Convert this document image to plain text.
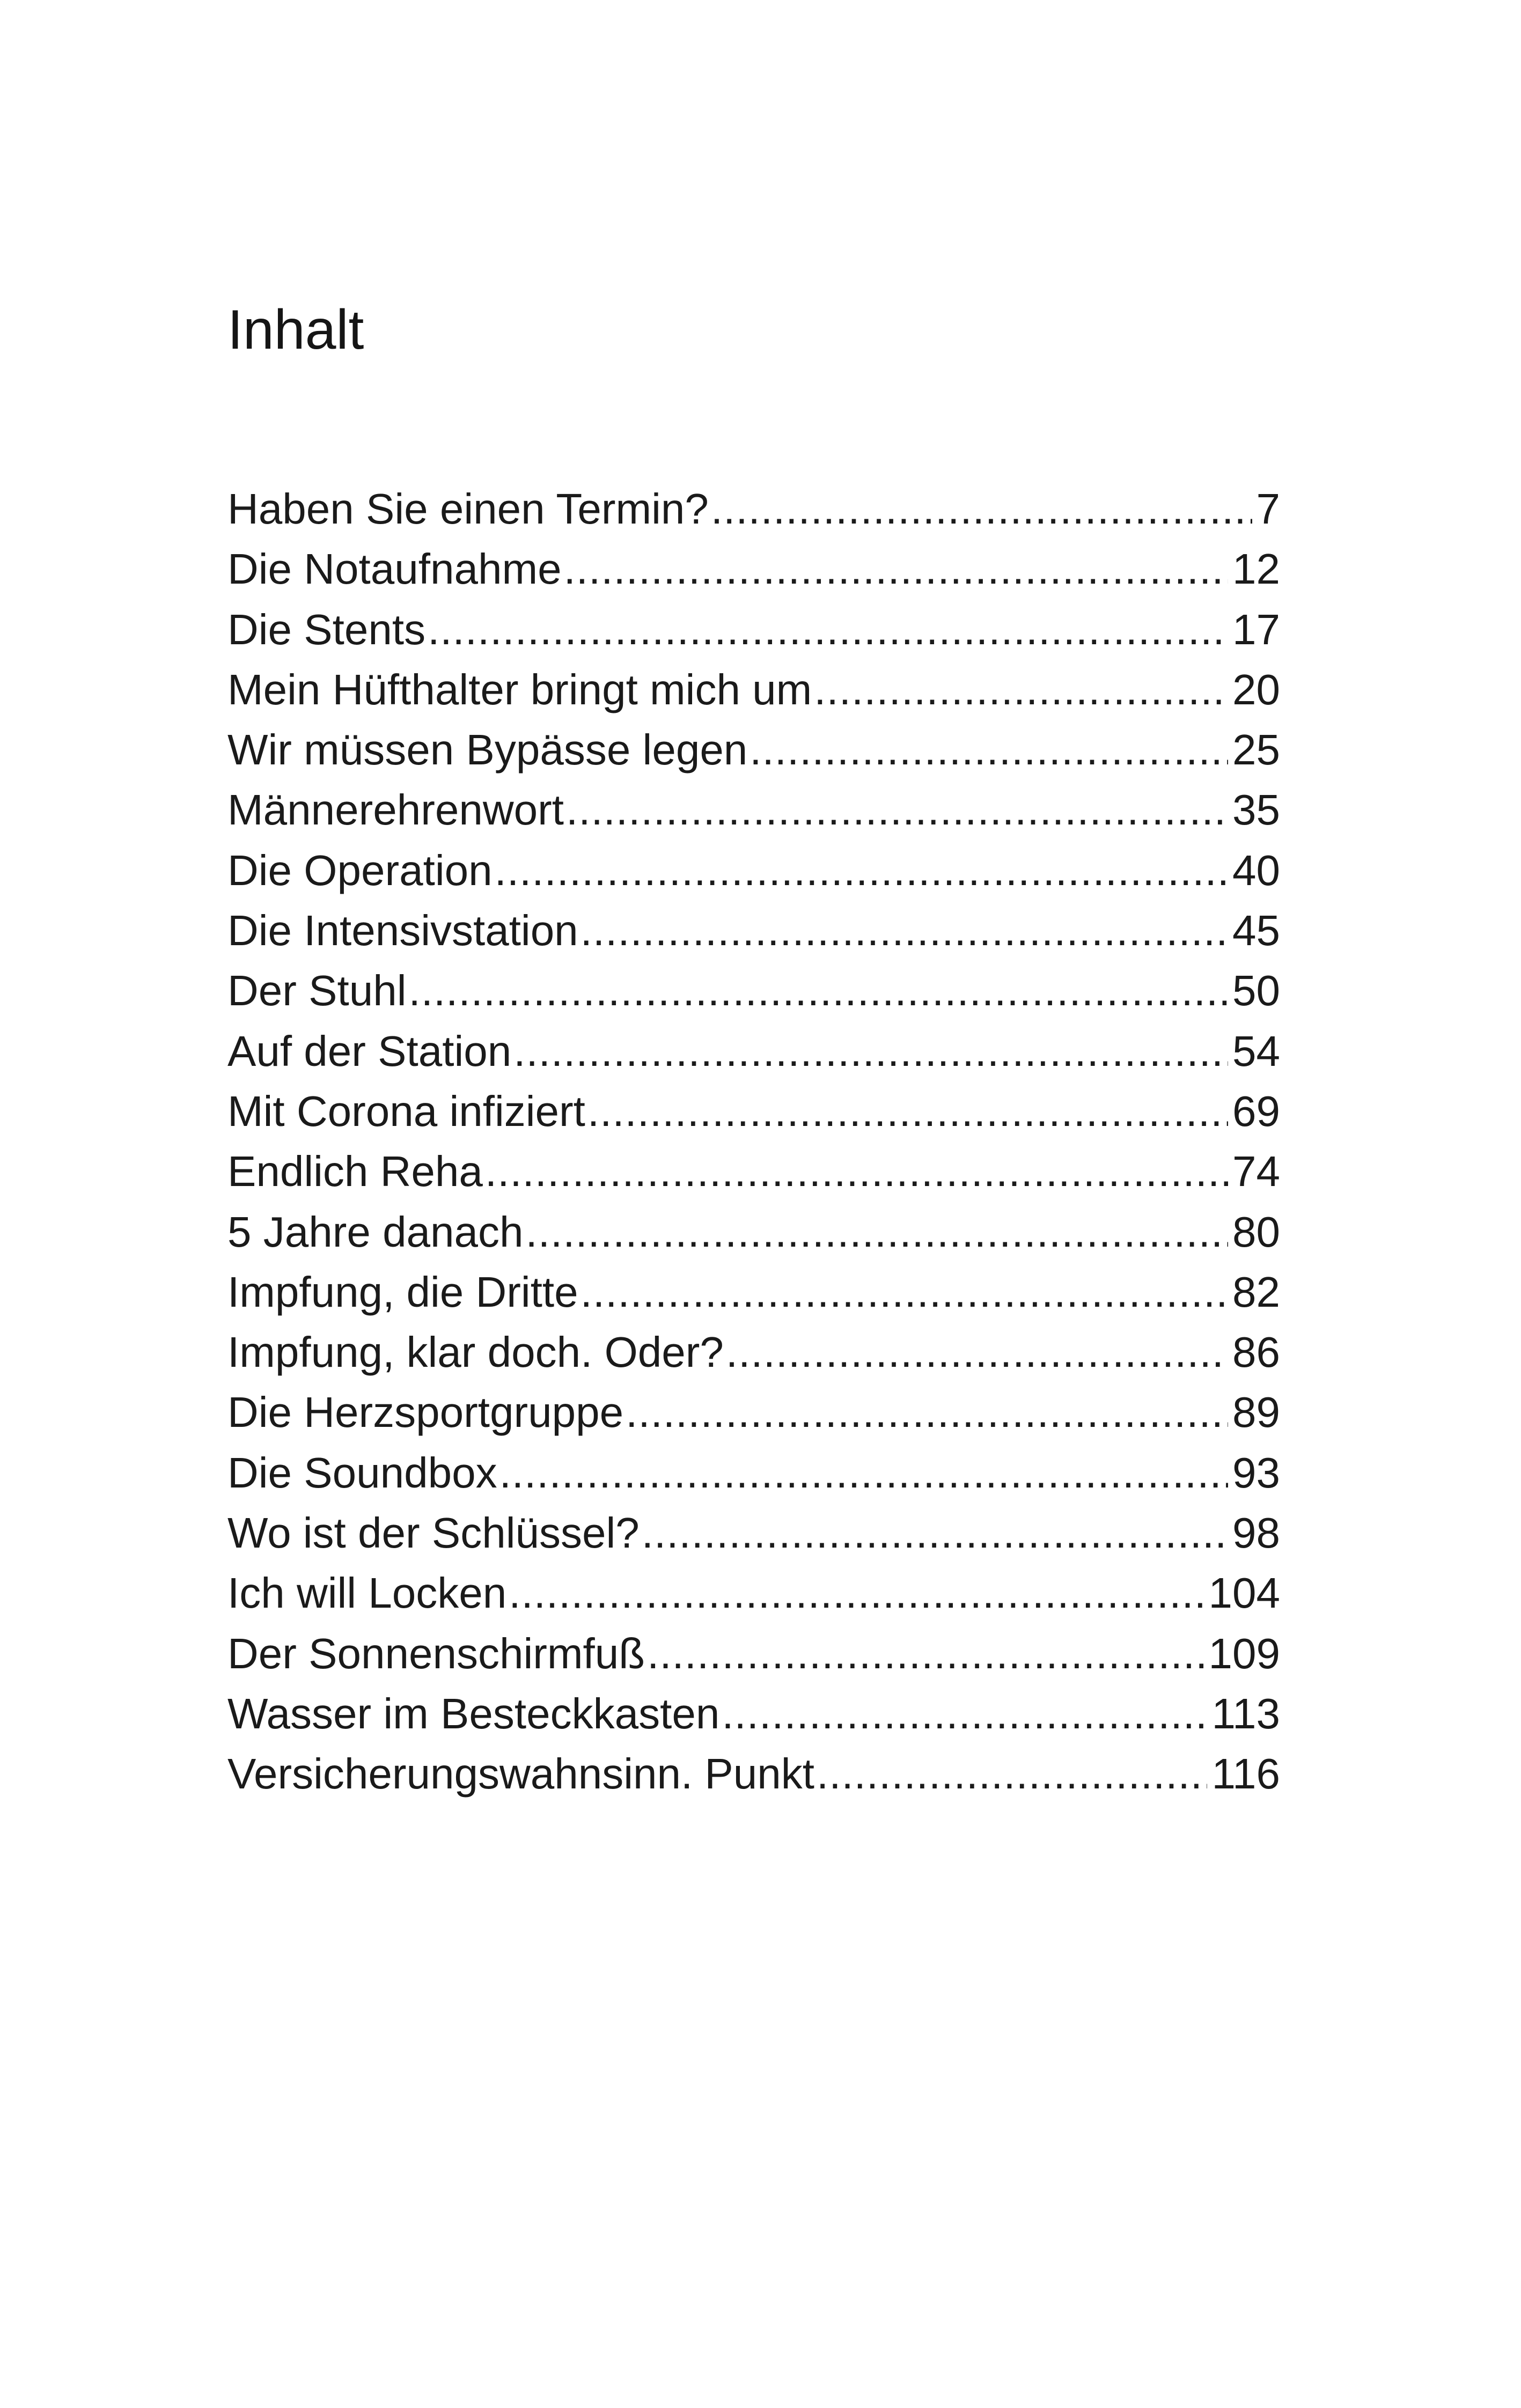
Inhalt
Haben Sie einen Termin? .....	7
Die Notaufnahme .....	12
Die Stents .....	17
Mein Hüfthalter bringt mich um .....	20
Wir müssen Bypässe legen .....	25
Männerehrenwort .....	35
Die Operation .....	40
Die Intensivstation .....	45
Der Stuhl .....	50
Auf der Station .....	54
Mit Corona infiziert .....	69
Endlich Reha .....	74
5 Jahre danach .....	80
Impfung, die Dritte .....	82
Impfung, klar doch. Oder? .....	86
Die Herzsportgruppe .....	89
Die Soundbox .....	93
Wo ist der Schlüssel? .....	98
Ich will Locken .....	104
Der Sonnenschirmfuß .....	109
Wasser im Besteckkasten .....	113
Versicherungswahnsinn. Punkt .....	116
